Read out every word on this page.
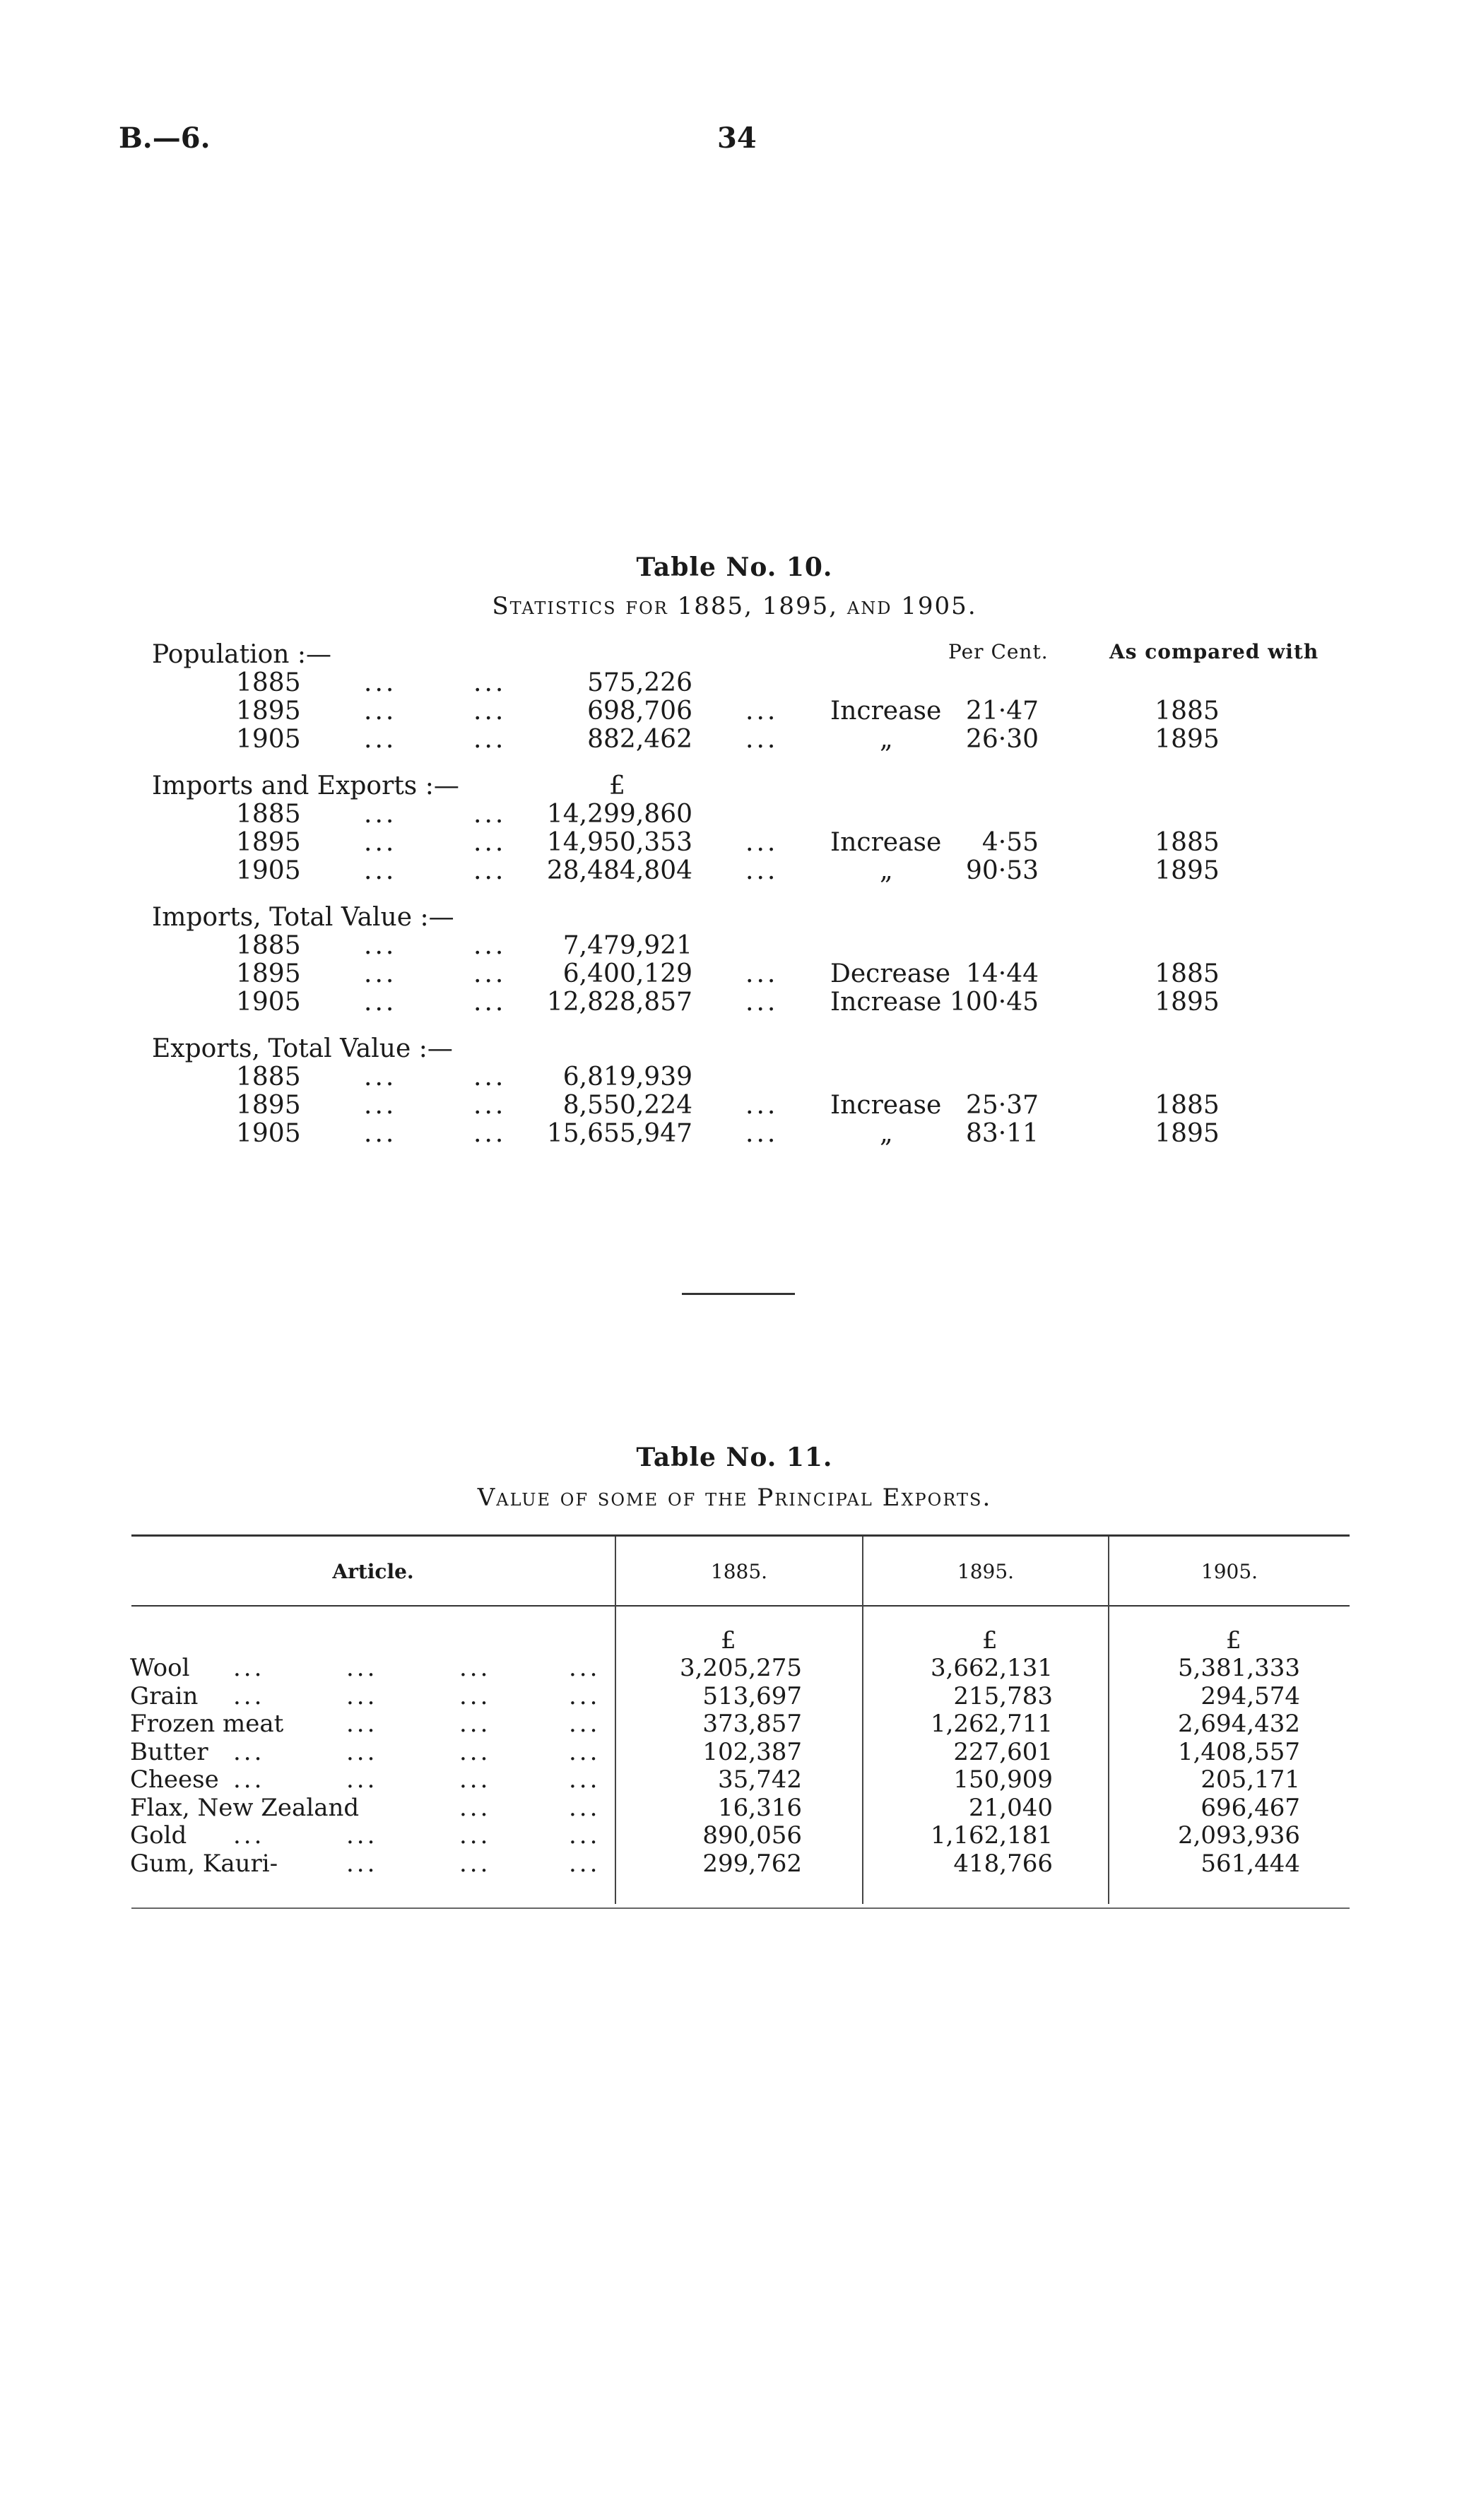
B.—6.	34
Table No. 10.
Statistics for 1885, 1895, and 1905.
Per Cent.	As compared with
Population :—
1885 ...	...	575,226
1895 ...	...	698,706 ... Increase 21·47	1885
1905 ...	...	882,462 ...	„	26·30	1895
Imports and Exports :—	£
1885 ...	...	14,299,860
1895 ...	...	14,950,353 ... Increase	4·55	1885
1905 ...	...	28,484,804 ...	„	90·53	1895
Imports, Total Value :—
1885 ...	...	7,479,921
1895 ...	...	6,400,129 ... Decrease 14·44	1885
1905 ...	...	12,828,857 ... Increase 100·45	1895
Exports, Total Value :—
1885 ...	...	6,819,939
1895 ...	...	8,550,224 ... Increase 25·37	1885
1905 ...	...	15,655,947 ...	„	83·11	1895
Table No. 11.
Value of some of the Principal Exports.
Article.	1885.	1895.	1905.
£	£	£
Wool ...	...	...	...	3,205,275	3,662,131	5,381,333
Grain ...	...	...	...	513,697	215,783	294,574
Frozen meat	...	...	...	373,857	1,262,711	2,694,432
Butter ...	...	...	...	102,387	227,601	1,408,557
Cheese ...	...	...	...	35,742	150,909	205,171
Flax, New Zealand	...	...	16,316	21,040	696,467
Gold ...	...	...	...	890,056	1,162,181	2,093,936
Gum, Kauri-	...	...	...	299,762	418,766	561,444
